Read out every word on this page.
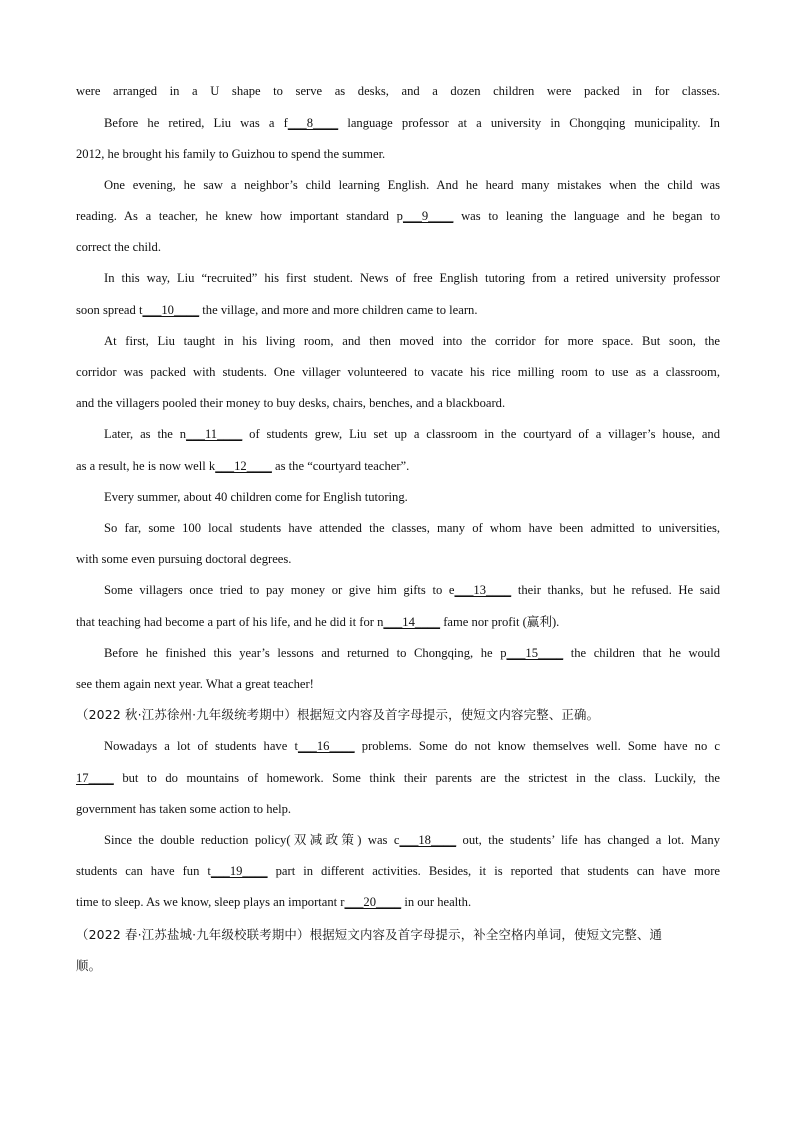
were arranged in a U shape to serve as desks, and a dozen children were packed in for classes.
Before he retired, Liu was a f___8____ language professor at a university in Chongqing municipality. In
2012, he brought his family to Guizhou to spend the summer.
One evening, he saw a neighbor’s child learning English. And he heard many mistakes when the child was
reading. As a teacher, he knew how important standard p___9____ was to leaning the language and he began to
correct the child.
In this way, Liu “recruited” his first student. News of free English tutoring from a retired university professor
soon spread t___10____ the village, and more and more children came to learn.
At first, Liu taught in his living room, and then moved into the corridor for more space. But soon, the
corridor was packed with students. One villager volunteered to vacate his rice milling room to use as a classroom,
and the villagers pooled their money to buy desks, chairs, benches, and a blackboard.
Later, as the n___11____ of students grew, Liu set up a classroom in the courtyard of a villager’s house, and
as a result, he is now well k___12____ as the “courtyard teacher”.
Every summer, about 40 children come for English tutoring.
So far, some 100 local students have attended the classes, many of whom have been admitted to universities,
with some even pursuing doctoral degrees.
Some villagers once tried to pay money or give him gifts to e___13____ their thanks, but he refused. He said
that teaching had become a part of his life, and he did it for n___14____ fame nor profit (赢利).
Before he finished this year’s lessons and returned to Chongqing, he p___15____ the children that he would
see them again next year. What a great teacher!
（2022 秋·江苏徐州·九年级统考期中）根据短文内容及首字母提示，使短文内容完整、正确。
Nowadays a lot of students have t___16____ problems. Some do not know themselves well. Some have no c
17____ but to do mountains of homework. Some think their parents are the strictest in the class. Luckily, the
government has taken some action to help.
Since the double reduction policy(双减政策) was c___18____ out, the students’ life has changed a lot. Many
students can have fun t___19____ part in different activities. Besides, it is reported that students can have more
time to sleep. As we know, sleep plays an important r___20____ in our health.
（2022 春·江苏盐城·九年级校联考期中）根据短文内容及首字母提示，补全空格内单词，使短文完整、通
顺。
